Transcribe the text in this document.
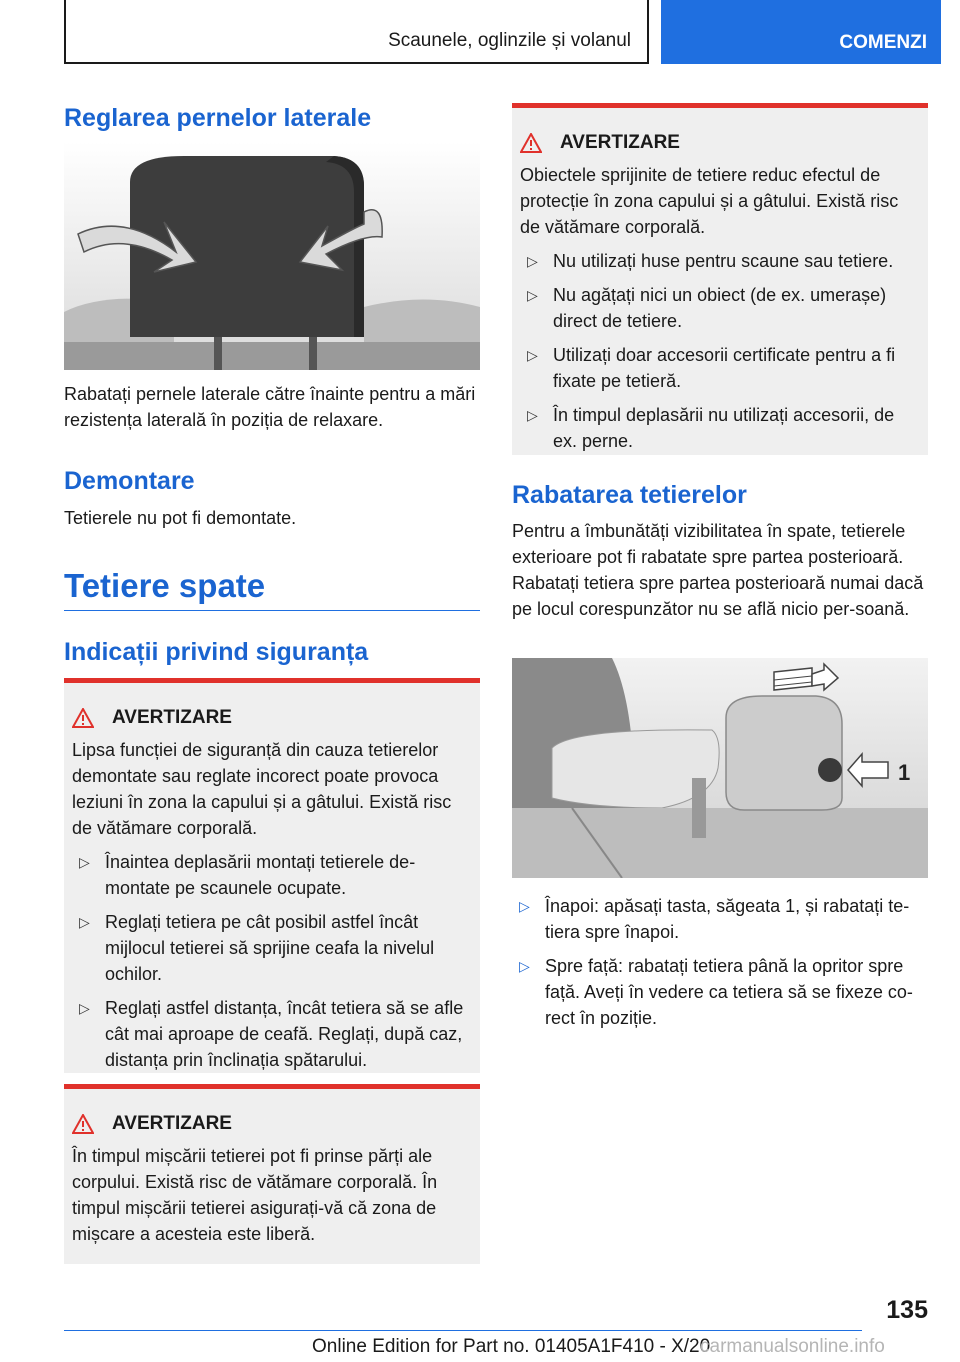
Scaunele, oglinzile și volanul	COMENZI
Reglarea pernelor laterale

Rabatați pernele laterale către înainte pentru a mări rezistența laterală în poziția de relaxare.

Demontare

Tetierele nu pot fi demontate.

Tetiere spate
Indicații privind siguranța
AVERTIZARE

Lipsa funcției de siguranță din cauza tetierelor demontate sau reglate incorect poate provoca leziuni în zona la capului și a gâtului. Există risc de vătămare corporală.

▷ Înaintea deplasării montați tetierele de-montate pe scaunele ocupate.
▷ Reglați tetiera pe cât posibil astfel încât mijlocul tetierei să sprijine ceafa la nivelul ochilor.
▷ Reglați astfel distanța, încât tetiera să se afle cât mai aproape de ceafă. Reglați, după caz, distanța prin înclinația spătarului.
AVERTIZARE

În timpul mișcării tetierei pot fi prinse părți ale corpului. Există risc de vătămare corporală. În timpul mișcării tetierei asigurați-vă că zona de mișcare a acesteia este liberă.

AVERTIZARE

Obiectele sprijinite de tetiere reduc efectul de protecție în zona capului și a gâtului. Există risc de vătămare corporală.

▷ Nu utilizați huse pentru scaune sau tetiere.
▷ Nu agățați nici un obiect (de ex. umerașe) direct de tetiere.
▷ Utilizați doar accesorii certificate pentru a fi fixate pe tetieră.
▷ În timpul deplasării nu utilizați accesorii, de ex. perne.
Rabatarea tetierelor

Pentru a îmbunătăți vizibilitatea în spate, tetierele exterioare pot fi rabatate spre partea posterioară. Rabatați tetiera spre partea posterioară numai dacă pe locul corespunzător nu se află nicio per-soană.

1
▷ Înapoi: apăsați tasta, săgeata 1, și rabatați te-tiera spre înapoi.
▷ Spre față: rabatați tetiera până la opritor spre față. Aveți în vedere ca tetiera să se fixeze co-rect în poziție.
135
Online Edition for Part no. 01405A1F410 - X/20
carmanualsonline.info
